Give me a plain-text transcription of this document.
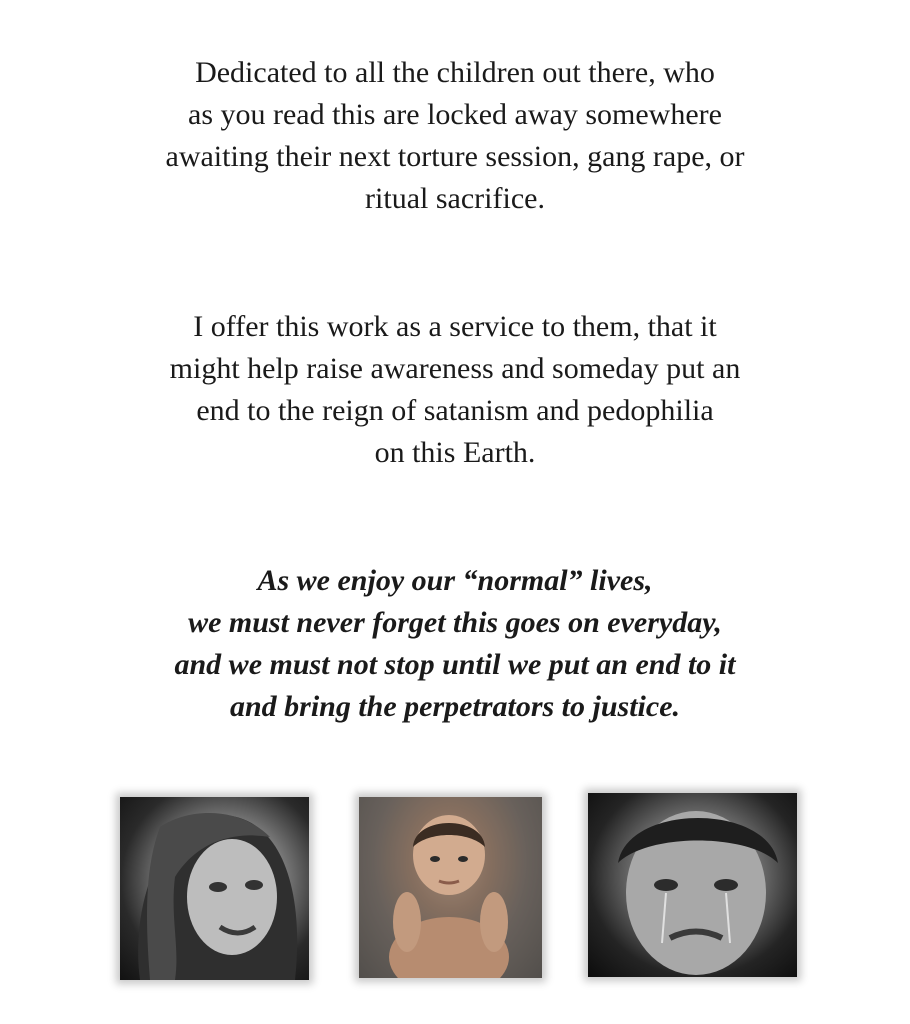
Dedicated to all the children out there, who
as you read this are locked away somewhere
awaiting their next torture session, gang rape, or
ritual sacrifice.
I offer this work as a service to them, that it
might help raise awareness and someday put an
end to the reign of satanism and pedophilia
on this Earth.
As we enjoy our “normal” lives,
we must never forget this goes on everyday,
and we must not stop until we put an end to it
and bring the perpetrators to justice.
